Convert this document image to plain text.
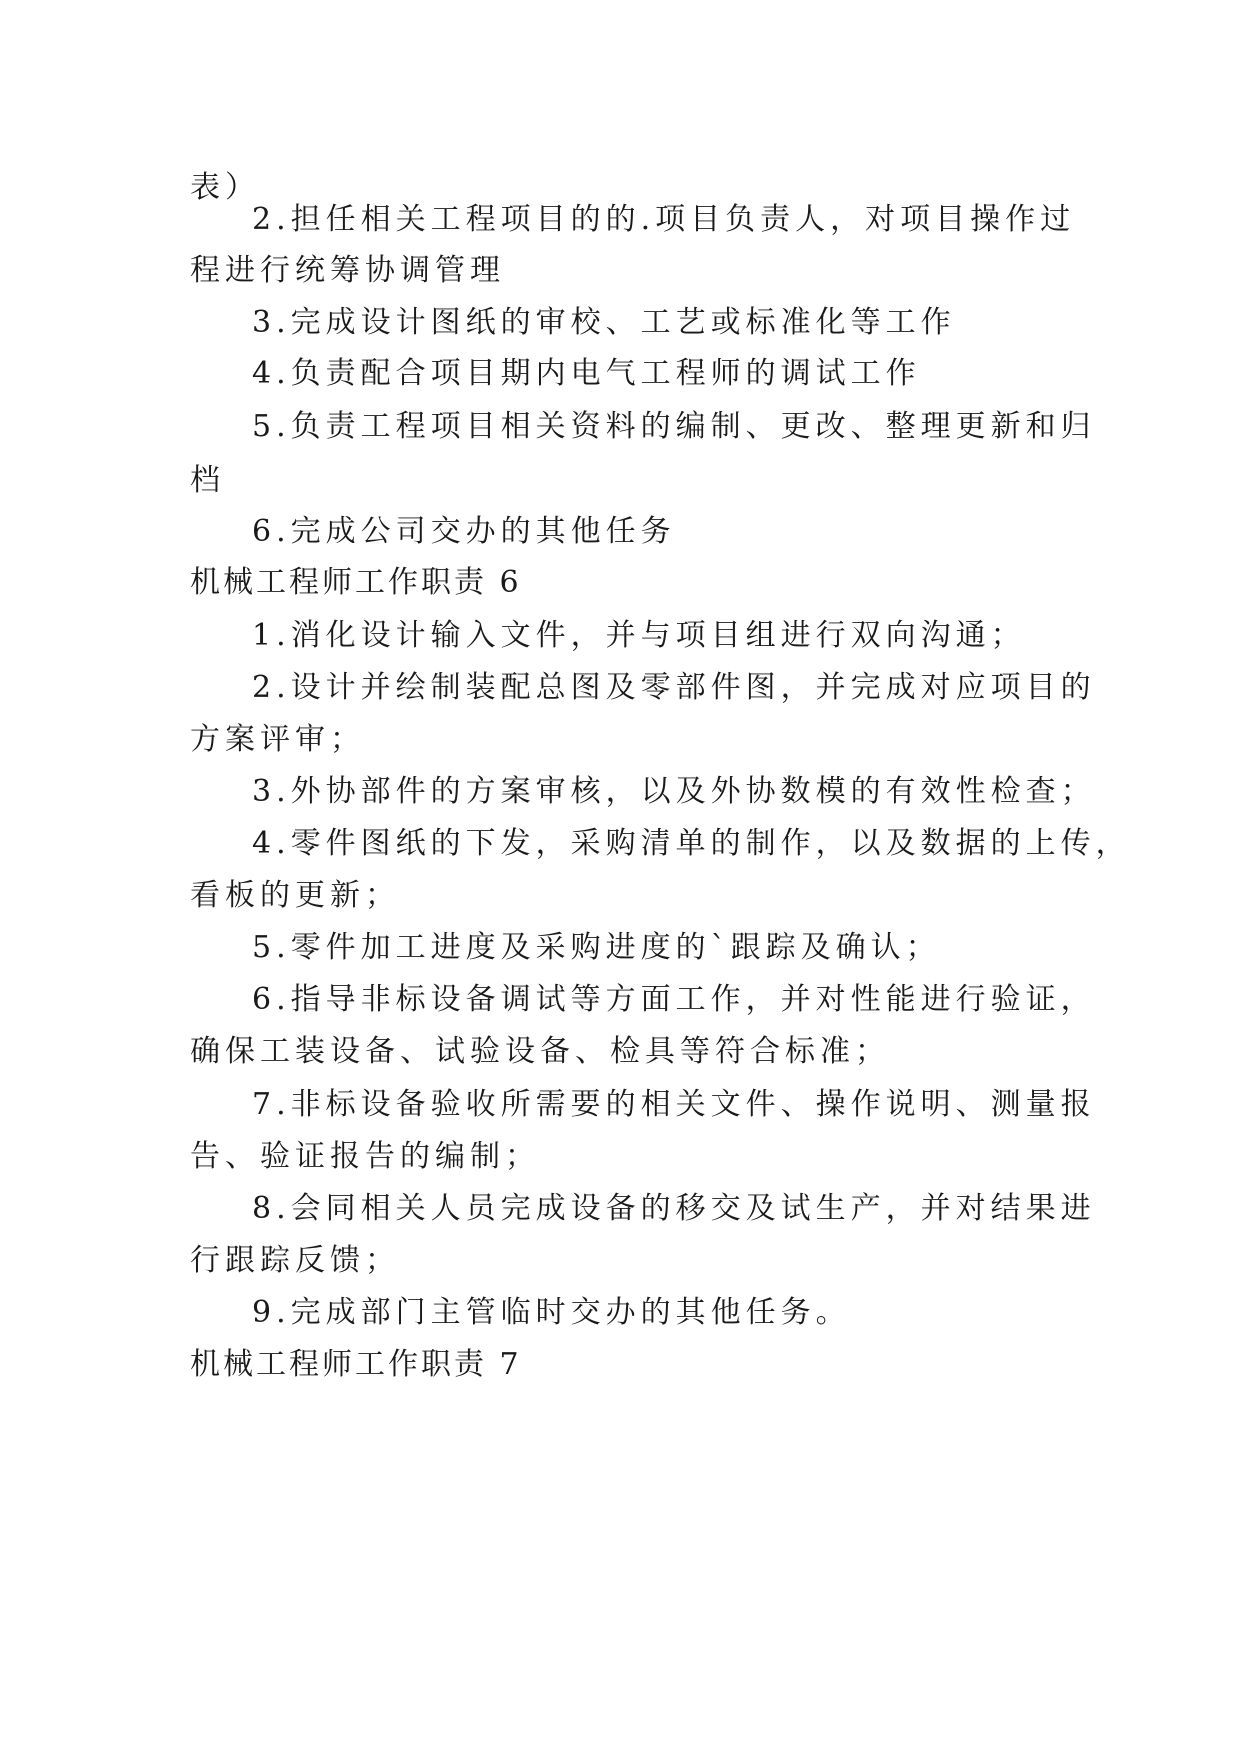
表）
2.担任相关工程项目的的.项目负责人，对项目操作过
程进行统筹协调管理
3.完成设计图纸的审校、工艺或标准化等工作
4.负责配合项目期内电气工程师的调试工作
5.负责工程项目相关资料的编制、更改、整理更新和归
档
6.完成公司交办的其他任务
机械工程师工作职责 6
1.消化设计输入文件，并与项目组进行双向沟通；
2.设计并绘制装配总图及零部件图，并完成对应项目的
方案评审；
3.外协部件的方案审核，以及外协数模的有效性检查；
4.零件图纸的下发，采购清单的制作，以及数据的上传，
看板的更新；
5.零件加工进度及采购进度的`跟踪及确认；
6.指导非标设备调试等方面工作，并对性能进行验证，
确保工装设备、试验设备、检具等符合标准；
7.非标设备验收所需要的相关文件、操作说明、测量报
告、验证报告的编制；
8.会同相关人员完成设备的移交及试生产，并对结果进
行跟踪反馈；
9.完成部门主管临时交办的其他任务。
机械工程师工作职责 7
